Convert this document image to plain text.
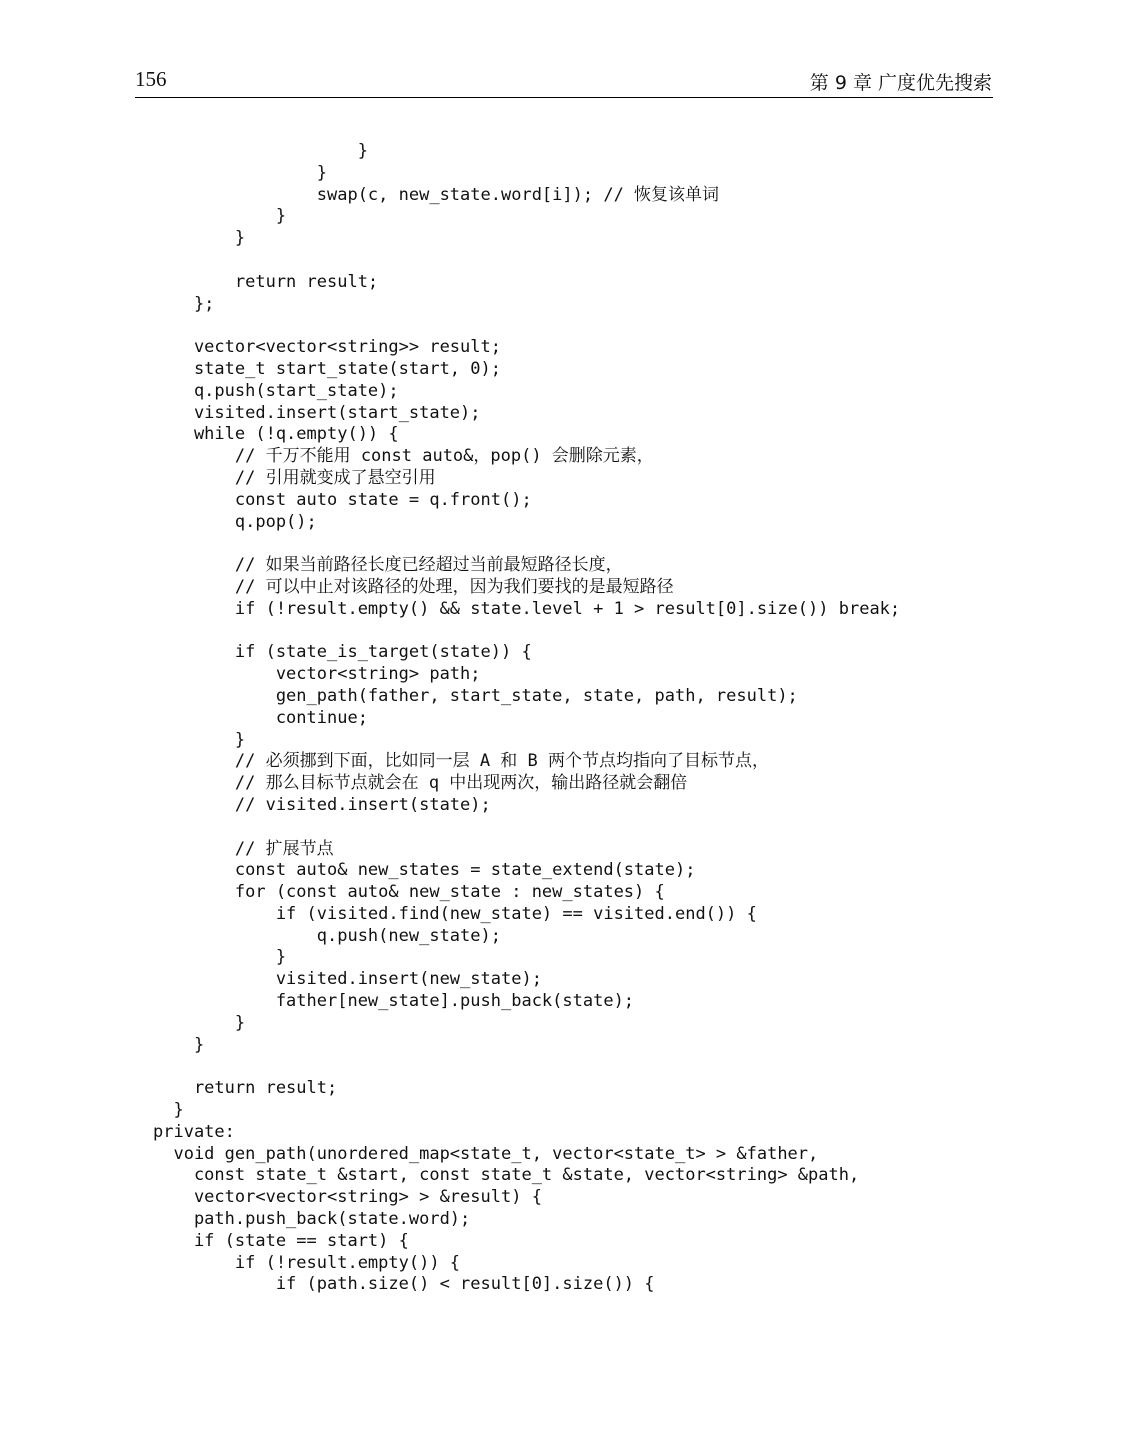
156	第 9 章 广度优先搜索
}
}
swap(c, new_state.word[i]); // 恢复该单词
}
}
return result;
};
vector<vector<string>> result;
state_t start_state(start, 0);
q.push(start_state);
visited.insert(start_state);
while (!q.empty()) {
// 千万不能用 const auto&，pop() 会删除元素，
// 引用就变成了悬空引用
const auto state = q.front();
q.pop();
// 如果当前路径长度已经超过当前最短路径长度，
// 可以中止对该路径的处理，因为我们要找的是最短路径
if (!result.empty() && state.level + 1 > result[0].size()) break;
if (state_is_target(state)) {
vector<string> path;
gen_path(father, start_state, state, path, result);
continue;
}
// 必须挪到下面，比如同一层 A 和 B 两个节点均指向了目标节点，
// 那么目标节点就会在 q 中出现两次，输出路径就会翻倍
// visited.insert(state);
// 扩展节点
const auto& new_states = state_extend(state);
for (const auto& new_state : new_states) {
if (visited.find(new_state) == visited.end()) {
q.push(new_state);
}
visited.insert(new_state);
father[new_state].push_back(state);
}
}
return result;
}
private:
void gen_path(unordered_map<state_t, vector<state_t> > &father,
const state_t &start, const state_t &state, vector<string> &path,
vector<vector<string> > &result) {
path.push_back(state.word);
if (state == start) {
if (!result.empty()) {
if (path.size() < result[0].size()) {
